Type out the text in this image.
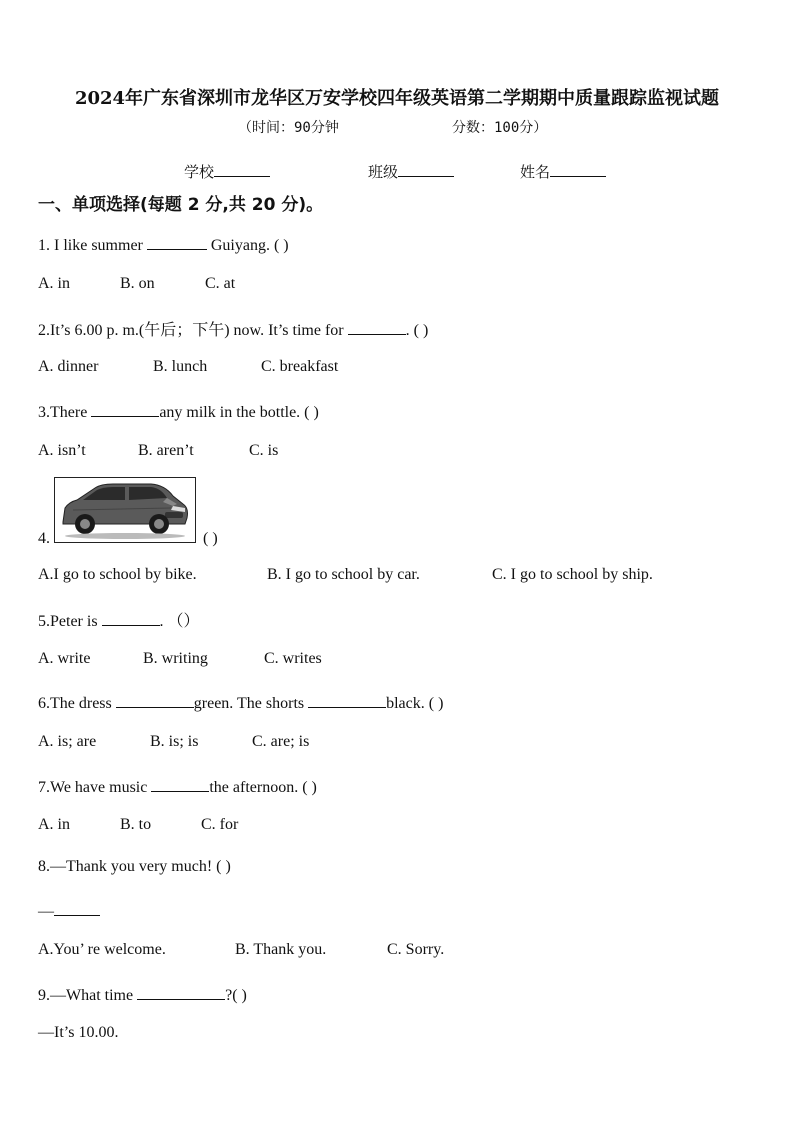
2024年广东省深圳市龙华区万安学校四年级英语第二学期期中质量跟踪监视试题
（时间：90分钟	分数：100分）
学校	班级	姓名
一、单项选择(每题 2 分,共 20 分)。
1. I like summer	Guiyang. ( )
A. in	B. on	C. at
2.It’s 6.00 p. m.(午后；下午) now. It’s time for	. ( )
A. dinner	B. lunch	C. breakfast
3.There	any milk in the bottle. ( )
A. isn’t	B. aren’t	C. is
4.	( )
A.I go to school by bike.	B. I go to school by car.	C. I go to school by ship.
5.Peter is	. （）
A. write	B. writing	C. writes
6.The dress	green. The shorts	black. ( )
A. is; are	B. is; is	C. are; is
7.We have music	the afternoon. ( )
A. in	B. to	C. for
8.—Thank you very much! ( )
—
A.You’ re welcome.	B. Thank you.	C. Sorry.
9.—What time	?( )
—It’s 10.00.
